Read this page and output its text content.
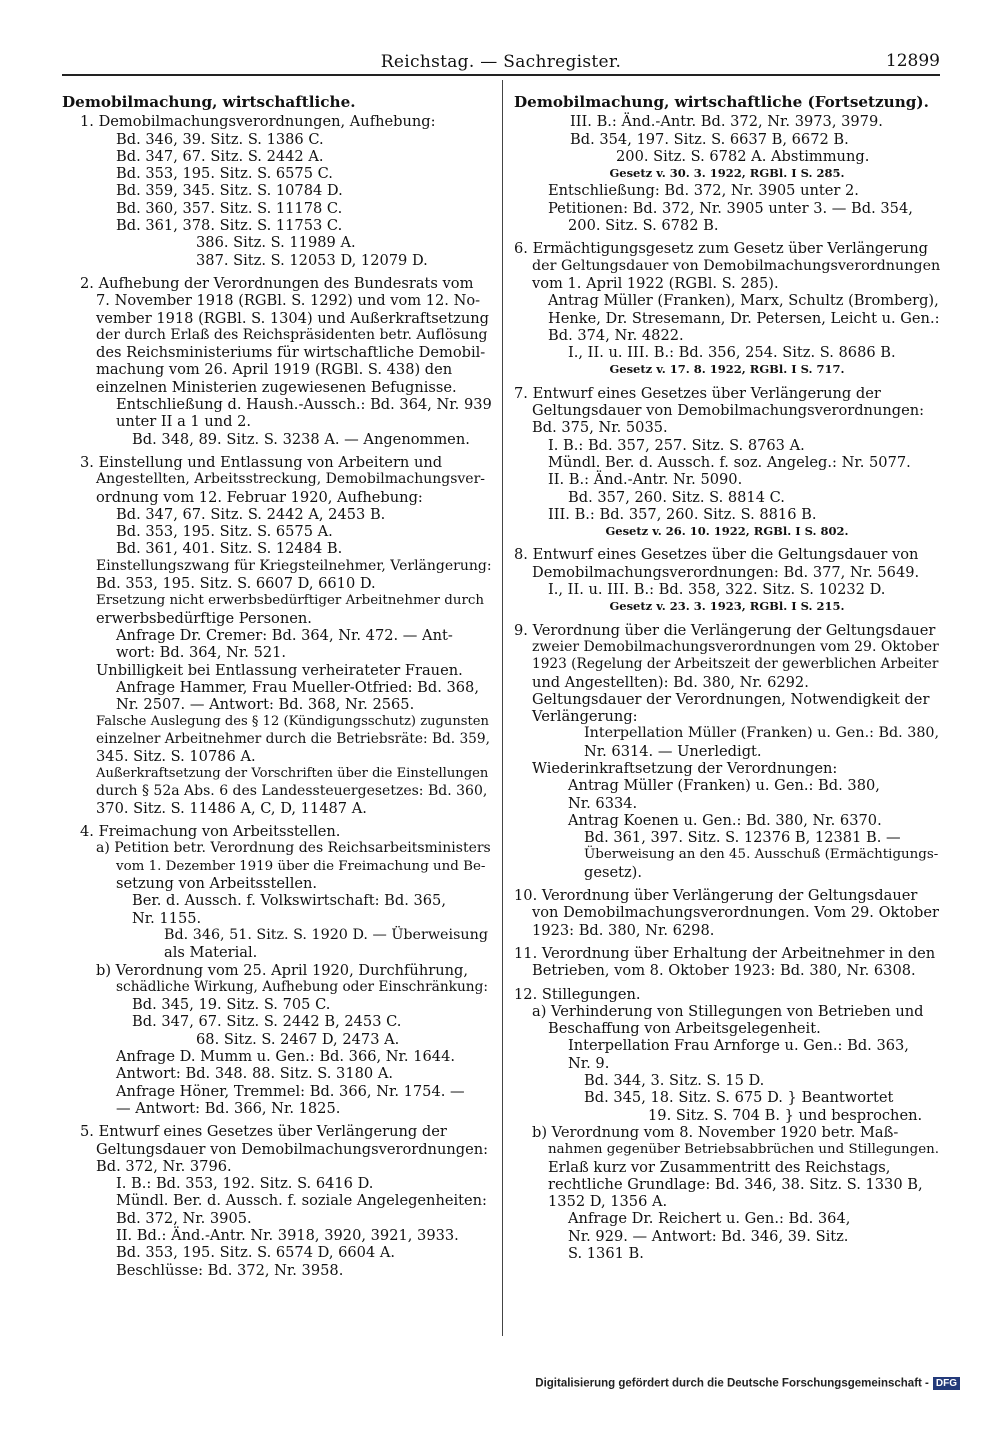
Reichstag. — Sachregister.	12899
Demobilmachung, wirtschaftliche.
1. Demobilmachungsverordnungen, Aufhebung:
Bd. 346, 39. Sitz. S. 1386 C.
Bd. 347, 67. Sitz. S. 2442 A.
Bd. 353, 195. Sitz. S. 6575 C.
Bd. 359, 345. Sitz. S. 10784 D.
Bd. 360, 357. Sitz. S. 11178 C.
Bd. 361, 378. Sitz. S. 11753 C.
386. Sitz. S. 11989 A.
387. Sitz. S. 12053 D, 12079 D.
2. Aufhebung der Verordnungen des Bundesrats vom
7. November 1918 (RGBl. S. 1292) und vom 12. No-
vember 1918 (RGBl. S. 1304) und Außerkraftsetzung
der durch Erlaß des Reichspräsidenten betr. Auflösung
des Reichsministeriums für wirtschaftliche Demobil-
machung vom 26. April 1919 (RGBl. S. 438) den
einzelnen Ministerien zugewiesenen Befugnisse.
Entschließung d. Haush.-Aussch.: Bd. 364, Nr. 939
unter II a 1 und 2.
Bd. 348, 89. Sitz. S. 3238 A. — Angenommen.
3. Einstellung und Entlassung von Arbeitern und
Angestellten, Arbeitsstreckung, Demobilmachungsver-
ordnung vom 12. Februar 1920, Aufhebung:
Bd. 347, 67. Sitz. S. 2442 A, 2453 B.
Bd. 353, 195. Sitz. S. 6575 A.
Bd. 361, 401. Sitz. S. 12484 B.
Einstellungszwang für Kriegsteilnehmer, Verlängerung:
Bd. 353, 195. Sitz. S. 6607 D, 6610 D.
Ersetzung nicht erwerbsbedürftiger Arbeitnehmer durch
erwerbsbedürftige Personen.
Anfrage Dr. Cremer: Bd. 364, Nr. 472. — Ant-
wort: Bd. 364, Nr. 521.
Unbilligkeit bei Entlassung verheirateter Frauen.
Anfrage Hammer, Frau Mueller-Otfried: Bd. 368,
Nr. 2507. — Antwort: Bd. 368, Nr. 2565.
Falsche Auslegung des § 12 (Kündigungsschutz) zugunsten
einzelner Arbeitnehmer durch die Betriebsräte: Bd. 359,
345. Sitz. S. 10786 A.
Außerkraftsetzung der Vorschriften über die Einstellungen
durch § 52a Abs. 6 des Landessteuergesetzes: Bd. 360,
370. Sitz. S. 11486 A, C, D, 11487 A.
4. Freimachung von Arbeitsstellen.
a) Petition betr. Verordnung des Reichsarbeitsministers
vom 1. Dezember 1919 über die Freimachung und Be-
setzung von Arbeitsstellen.
Ber. d. Aussch. f. Volkswirtschaft: Bd. 365,
Nr. 1155.
Bd. 346, 51. Sitz. S. 1920 D. — Überweisung
als Material.
b) Verordnung vom 25. April 1920, Durchführung,
schädliche Wirkung, Aufhebung oder Einschränkung:
Bd. 345, 19. Sitz. S. 705 C.
Bd. 347, 67. Sitz. S. 2442 B, 2453 C.
68. Sitz. S. 2467 D, 2473 A.
Anfrage D. Mumm u. Gen.: Bd. 366, Nr. 1644.
Antwort: Bd. 348. 88. Sitz. S. 3180 A.
Anfrage Höner, Tremmel: Bd. 366, Nr. 1754. —
— Antwort: Bd. 366, Nr. 1825.
5. Entwurf eines Gesetzes über Verlängerung der
Geltungsdauer von Demobilmachungsverordnungen:
Bd. 372, Nr. 3796.
I. B.: Bd. 353, 192. Sitz. S. 6416 D.
Mündl. Ber. d. Aussch. f. soziale Angelegenheiten:
Bd. 372, Nr. 3905.
II. Bd.: Änd.-Antr. Nr. 3918, 3920, 3921, 3933.
Bd. 353, 195. Sitz. S. 6574 D, 6604 A.
Beschlüsse: Bd. 372, Nr. 3958.
Demobilmachung, wirtschaftliche (Fortsetzung).
III. B.: Änd.-Antr. Bd. 372, Nr. 3973, 3979.
Bd. 354, 197. Sitz. S. 6637 B, 6672 B.
200. Sitz. S. 6782 A. Abstimmung.
Gesetz v. 30. 3. 1922, RGBl. I S. 285.
Entschließung: Bd. 372, Nr. 3905 unter 2.
Petitionen: Bd. 372, Nr. 3905 unter 3. — Bd. 354,
200. Sitz. S. 6782 B.
6. Ermächtigungsgesetz zum Gesetz über Verlängerung
der Geltungsdauer von Demobilmachungsverordnungen
vom 1. April 1922 (RGBl. S. 285).
Antrag Müller (Franken), Marx, Schultz (Bromberg),
Henke, Dr. Stresemann, Dr. Petersen, Leicht u. Gen.:
Bd. 374, Nr. 4822.
I., II. u. III. B.: Bd. 356, 254. Sitz. S. 8686 B.
Gesetz v. 17. 8. 1922, RGBl. I S. 717.
7. Entwurf eines Gesetzes über Verlängerung der
Geltungsdauer von Demobilmachungsverordnungen:
Bd. 375, Nr. 5035.
I. B.: Bd. 357, 257. Sitz. S. 8763 A.
Mündl. Ber. d. Aussch. f. soz. Angeleg.: Nr. 5077.
II. B.: Änd.-Antr. Nr. 5090.
Bd. 357, 260. Sitz. S. 8814 C.
III. B.: Bd. 357, 260. Sitz. S. 8816 B.
Gesetz v. 26. 10. 1922, RGBl. I S. 802.
8. Entwurf eines Gesetzes über die Geltungsdauer von
Demobilmachungsverordnungen: Bd. 377, Nr. 5649.
I., II. u. III. B.: Bd. 358, 322. Sitz. S. 10232 D.
Gesetz v. 23. 3. 1923, RGBl. I S. 215.
9. Verordnung über die Verlängerung der Geltungsdauer
zweier Demobilmachungsverordnungen vom 29. Oktober
1923 (Regelung der Arbeitszeit der gewerblichen Arbeiter
und Angestellten): Bd. 380, Nr. 6292.
Geltungsdauer der Verordnungen, Notwendigkeit der
Verlängerung:
Interpellation Müller (Franken) u. Gen.: Bd. 380,
Nr. 6314. — Unerledigt.
Wiederinkraftsetzung der Verordnungen:
Antrag Müller (Franken) u. Gen.: Bd. 380,
Nr. 6334.
Antrag Koenen u. Gen.: Bd. 380, Nr. 6370.
Bd. 361, 397. Sitz. S. 12376 B, 12381 B. —
Überweisung an den 45. Ausschuß (Ermächtigungs-
gesetz).
10. Verordnung über Verlängerung der Geltungsdauer
von Demobilmachungsverordnungen. Vom 29. Oktober
1923: Bd. 380, Nr. 6298.
11. Verordnung über Erhaltung der Arbeitnehmer in den
Betrieben, vom 8. Oktober 1923: Bd. 380, Nr. 6308.
12. Stillegungen.
a) Verhinderung von Stillegungen von Betrieben und
Beschaffung von Arbeitsgelegenheit.
Interpellation Frau Arnforge u. Gen.: Bd. 363,
Nr. 9.
Bd. 344, 3. Sitz. S. 15 D.
Bd. 345, 18. Sitz. S. 675 D. } Beantwortet
19. Sitz. S. 704 B. } und besprochen.
b) Verordnung vom 8. November 1920 betr. Maß-
nahmen gegenüber Betriebsabbrüchen und Stillegungen.
Erlaß kurz vor Zusammentritt des Reichstags,
rechtliche Grundlage: Bd. 346, 38. Sitz. S. 1330 B,
1352 D, 1356 A.
Anfrage Dr. Reichert u. Gen.: Bd. 364,
Nr. 929. — Antwort: Bd. 346, 39. Sitz.
S. 1361 B.
Digitalisierung gefördert durch die Deutsche Forschungsgemeinschaft - DFG
